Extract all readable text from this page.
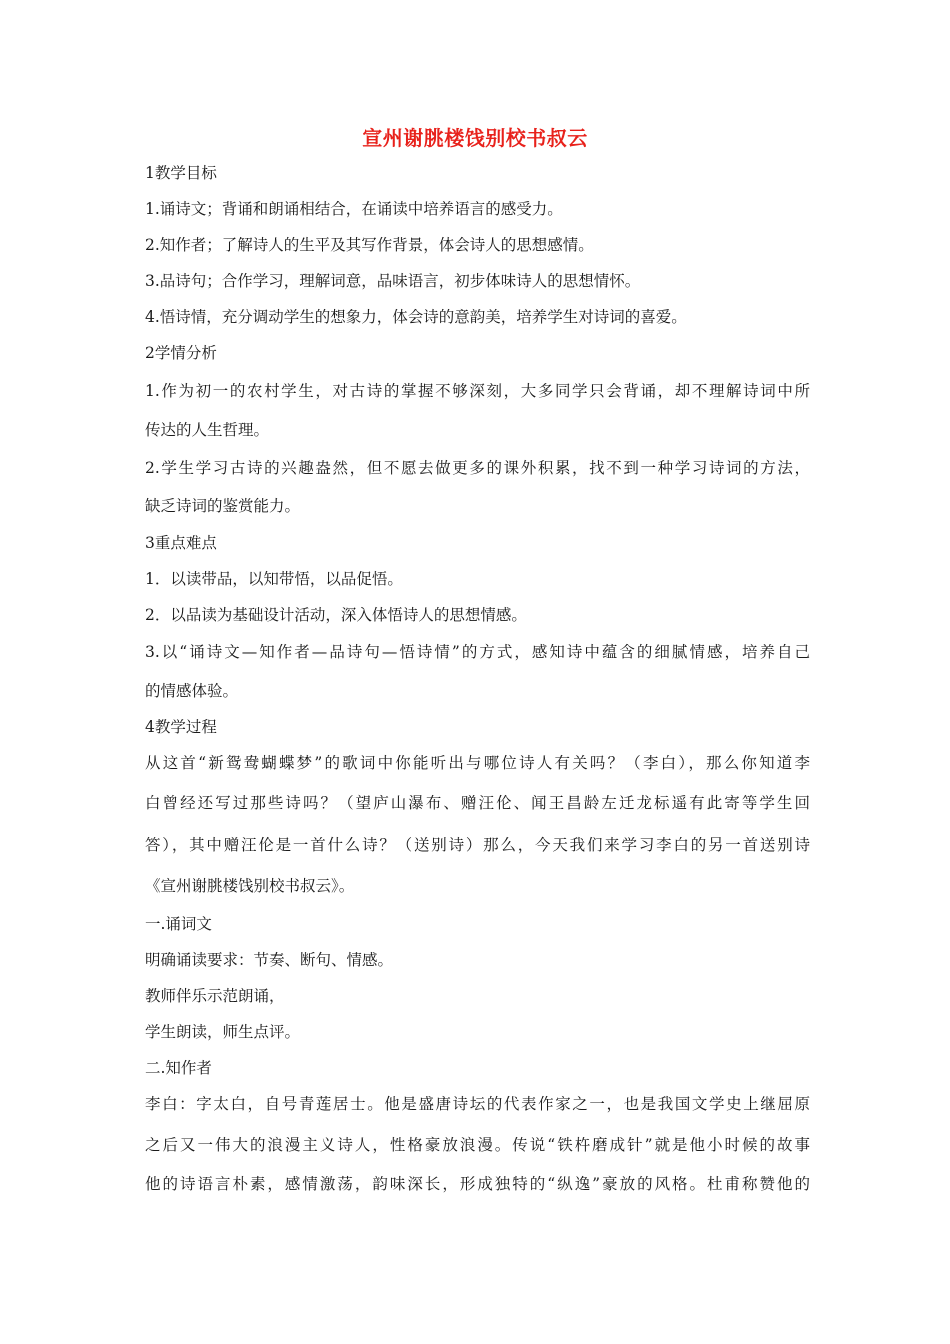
宣州谢朓楼饯别校书叔云
1教学目标
1.诵诗文；背诵和朗诵相结合，在诵读中培养语言的感受力。
2.知作者；了解诗人的生平及其写作背景，体会诗人的思想感情。
3.品诗句；合作学习，理解词意，品味语言，初步体味诗人的思想情怀。
4.悟诗情，充分调动学生的想象力，体会诗的意韵美，培养学生对诗词的喜爱。
2学情分析
1.作为初一的农村学生，对古诗的掌握不够深刻，大多同学只会背诵，却不理解诗词中所
传达的人生哲理。
2.学生学习古诗的兴趣盎然，但不愿去做更多的课外积累，找不到一种学习诗词的方法，
缺乏诗词的鉴赏能力。
3重点难点
1．以读带品，以知带悟，以品促悟。
2．以品读为基础设计活动，深入体悟诗人的思想情感。
3.以“诵诗文—知作者—品诗句—悟诗情”的方式，感知诗中蕴含的细腻情感，培养自己
的情感体验。
4教学过程
从这首“新鸳鸯蝴蝶梦”的歌词中你能听出与哪位诗人有关吗？（李白），那么你知道李
白曾经还写过那些诗吗？（望庐山瀑布、赠汪伦、闻王昌龄左迁龙标遥有此寄等学生回
答），其中赠汪伦是一首什么诗？（送别诗）那么，今天我们来学习李白的另一首送别诗
《宣州谢朓楼饯别校书叔云》。
一.诵词文
明确诵读要求：节奏、断句、情感。
教师伴乐示范朗诵，
学生朗读，师生点评。
二.知作者
李白：字太白，自号青莲居士。他是盛唐诗坛的代表作家之一，也是我国文学史上继屈原
之后又一伟大的浪漫主义诗人，性格豪放浪漫。传说“铁杵磨成针”就是他小时候的故事
他的诗语言朴素，感情激荡，韵味深长，形成独特的“纵逸”豪放的风格。杜甫称赞他的
